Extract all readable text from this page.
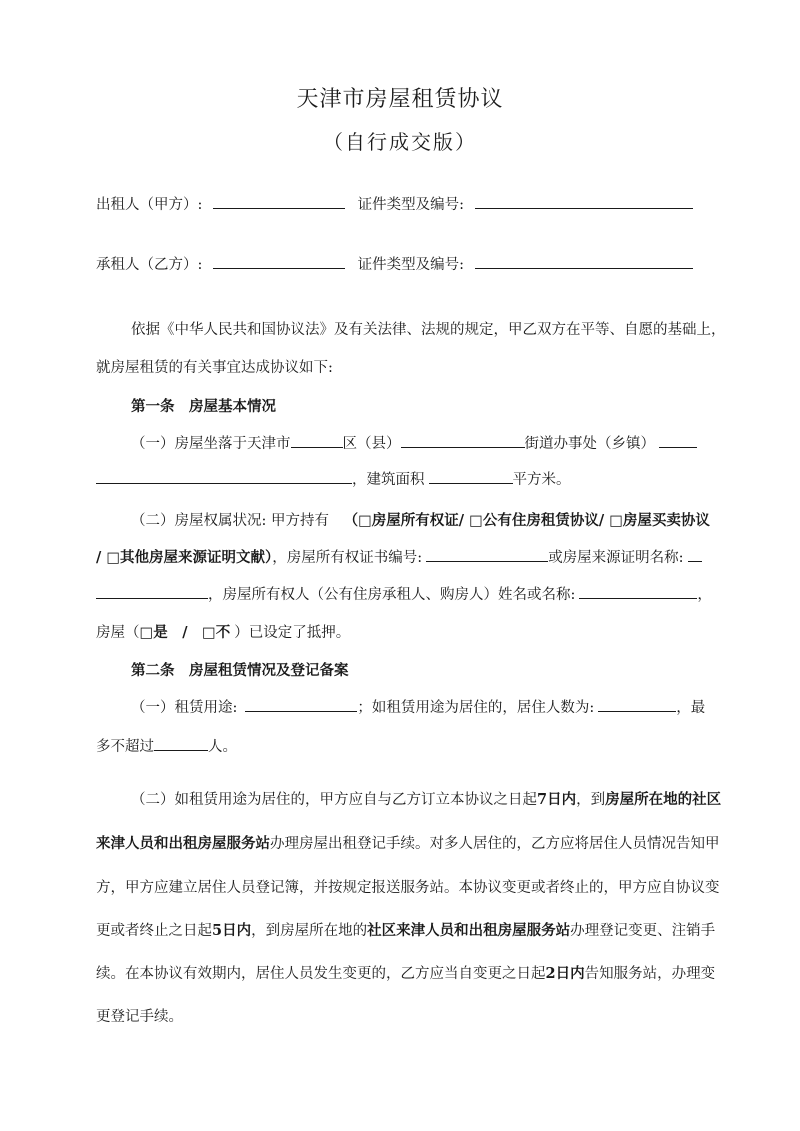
天津市房屋租赁协议
（自行成交版）
出租人（甲方）:	证件类型及编号:
承租人（乙方）:	证件类型及编号:
依据《中华人民共和国协议法》及有关法律、法规的规定，甲乙双方在平等、自愿的基础上，
就房屋租赁的有关事宜达成协议如下:
第一条　房屋基本情况
（一）房屋坐落于天津市	区（县）	街道办事处（乡镇）
，建筑面积	平方米。
（二）房屋权属状况: 甲方持有 （□房屋所有权证/ □公有住房租赁协议/ □房屋买卖协议
/ □其他房屋来源证明文献），房屋所有权证书编号:	或房屋来源证明名称:
，房屋所有权人（公有住房承租人、购房人）姓名或名称:	，
房屋（□是　/　□不 ）已设定了抵押。
第二条　房屋租赁情况及登记备案
（一）租赁用途:	；如租赁用途为居住的，居住人数为:	，最
多不超过	人。
（二）如租赁用途为居住的，甲方应自与乙方订立本协议之日起7日内，到房屋所在地的社区
来津人员和出租房屋服务站办理房屋出租登记手续。对多人居住的，乙方应将居住人员情况告知甲
方，甲方应建立居住人员登记簿，并按规定报送服务站。本协议变更或者终止的，甲方应自协议变
更或者终止之日起5日内，到房屋所在地的社区来津人员和出租房屋服务站办理登记变更、注销手
续。在本协议有效期内，居住人员发生变更的，乙方应当自变更之日起2日内告知服务站，办理变
更登记手续。
